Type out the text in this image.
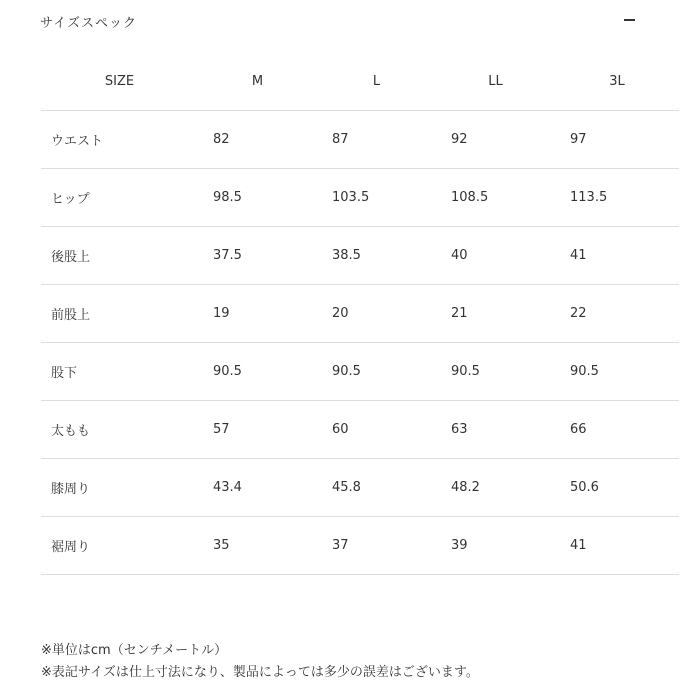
サイズスペック
SIZE	M	L	LL	3L
ウエスト	82	87	92	97
ヒップ	98.5	103.5	108.5	113.5
後股上	37.5	38.5	40	41
前股上	19	20	21	22
股下	90.5	90.5	90.5	90.5
太もも	57	60	63	66
膝周り	43.4	45.8	48.2	50.6
裾周り	35	37	39	41
※単位はcm（センチメートル）
※表記サイズは仕上寸法になり、製品によっては多少の誤差はございます。
